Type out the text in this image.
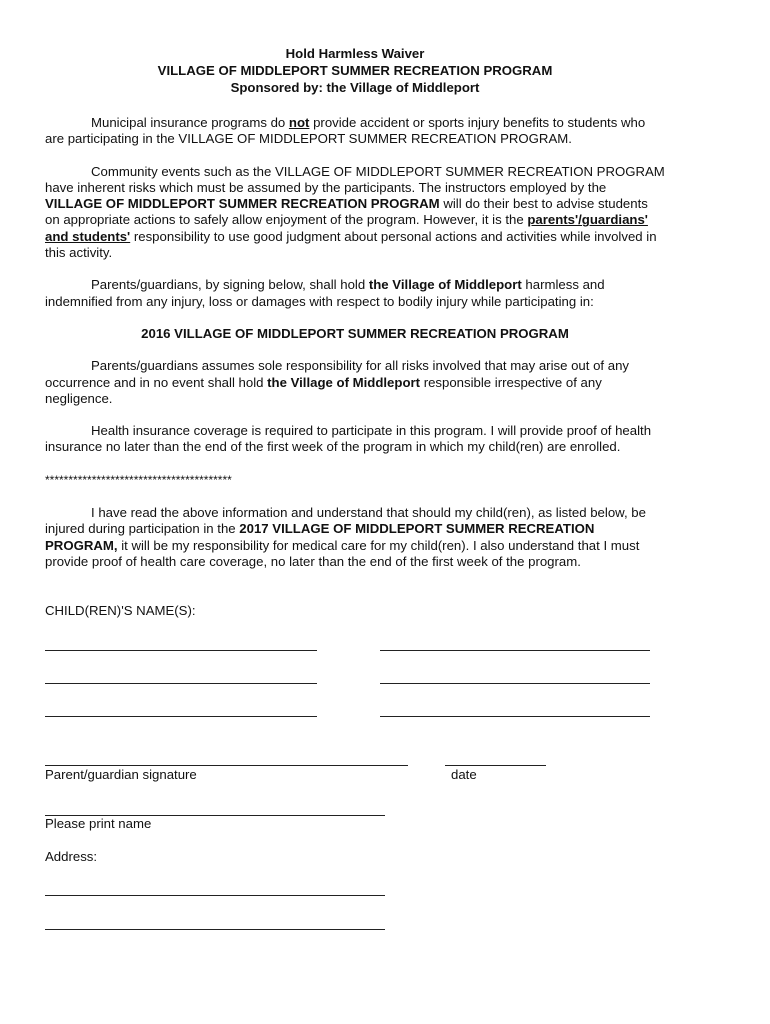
Hold Harmless Waiver
VILLAGE OF MIDDLEPORT SUMMER RECREATION PROGRAM
Sponsored by: the Village of Middleport

Municipal insurance programs do not provide accident or sports injury benefits to students who are participating in the VILLAGE OF MIDDLEPORT SUMMER RECREATION PROGRAM.

Community events such as the VILLAGE OF MIDDLEPORT SUMMER RECREATION PROGRAM have inherent risks which must be assumed by the participants. The instructors employed by the VILLAGE OF MIDDLEPORT SUMMER RECREATION PROGRAM will do their best to advise students on appropriate actions to safely allow enjoyment of the program. However, it is the parents'/guardians' and students' responsibility to use good judgment about personal actions and activities while involved in this activity.

Parents/guardians, by signing below, shall hold the Village of Middleport harmless and indemnified from any injury, loss or damages with respect to bodily injury while participating in:

2016 VILLAGE OF MIDDLEPORT SUMMER RECREATION PROGRAM

Parents/guardians assumes sole responsibility for all risks involved that may arise out of any occurrence and in no event shall hold the Village of Middleport responsible irrespective of any negligence.

Health insurance coverage is required to participate in this program. I will provide proof of health insurance no later than the end of the first week of the program in which my child(ren) are enrolled.

****************************************

I have read the above information and understand that should my child(ren), as listed below, be injured during participation in the 2017 VILLAGE OF MIDDLEPORT SUMMER RECREATION PROGRAM, it will be my responsibility for medical care for my child(ren). I also understand that I must provide proof of health care coverage, no later than the end of the first week of the program.

CHILD(REN)'S NAME(S):
Parent/guardian signature	date
Please print name
Address:
